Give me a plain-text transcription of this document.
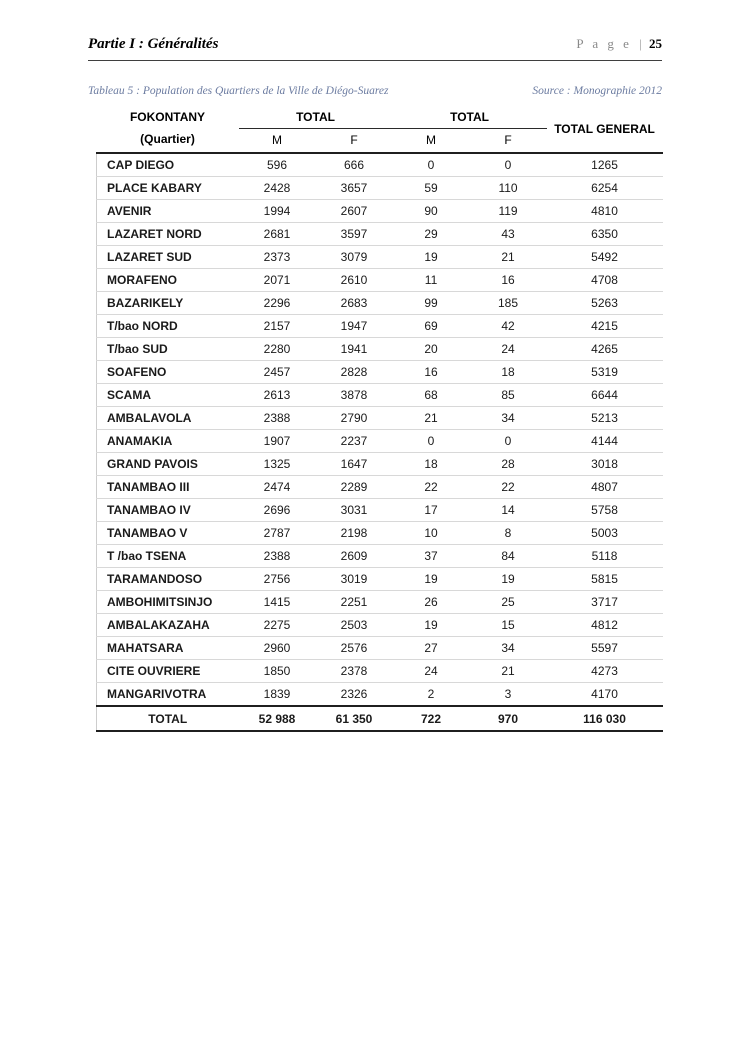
Partie I : Généralités	P a g e | 25
Tableau 5 : Population des Quartiers de la Ville de Diégo-Suarez	Source : Monographie 2012
FOKONTANY
(Quartier)	TOTAL		TOTAL		TOTAL GENERAL
	M	F	M	F	
CAP DIEGO	596	666	0	0	1265
PLACE KABARY	2428	3657	59	110	6254
AVENIR	1994	2607	90	119	4810
LAZARET NORD	2681	3597	29	43	6350
LAZARET SUD	2373	3079	19	21	5492
MORAFENO	2071	2610	11	16	4708
BAZARIKELY	2296	2683	99	185	5263
T/bao NORD	2157	1947	69	42	4215
T/bao SUD	2280	1941	20	24	4265
SOAFENO	2457	2828	16	18	5319
SCAMA	2613	3878	68	85	6644
AMBALAVOLA	2388	2790	21	34	5213
ANAMAKIA	1907	2237	0	0	4144
GRAND PAVOIS	1325	1647	18	28	3018
TANAMBAO III	2474	2289	22	22	4807
TANAMBAO IV	2696	3031	17	14	5758
TANAMBAO V	2787	2198	10	8	5003
T /bao TSENA	2388	2609	37	84	5118
TARAMANDOSO	2756	3019	19	19	5815
AMBOHIMITSINJO	1415	2251	26	25	3717
AMBALAKAZAHA	2275	2503	19	15	4812
MAHATSARA	2960	2576	27	34	5597
CITE OUVRIERE	1850	2378	24	21	4273
MANGARIVOTRA	1839	2326	2	3	4170
TOTAL	52 988	61 350	722	970	116 030
